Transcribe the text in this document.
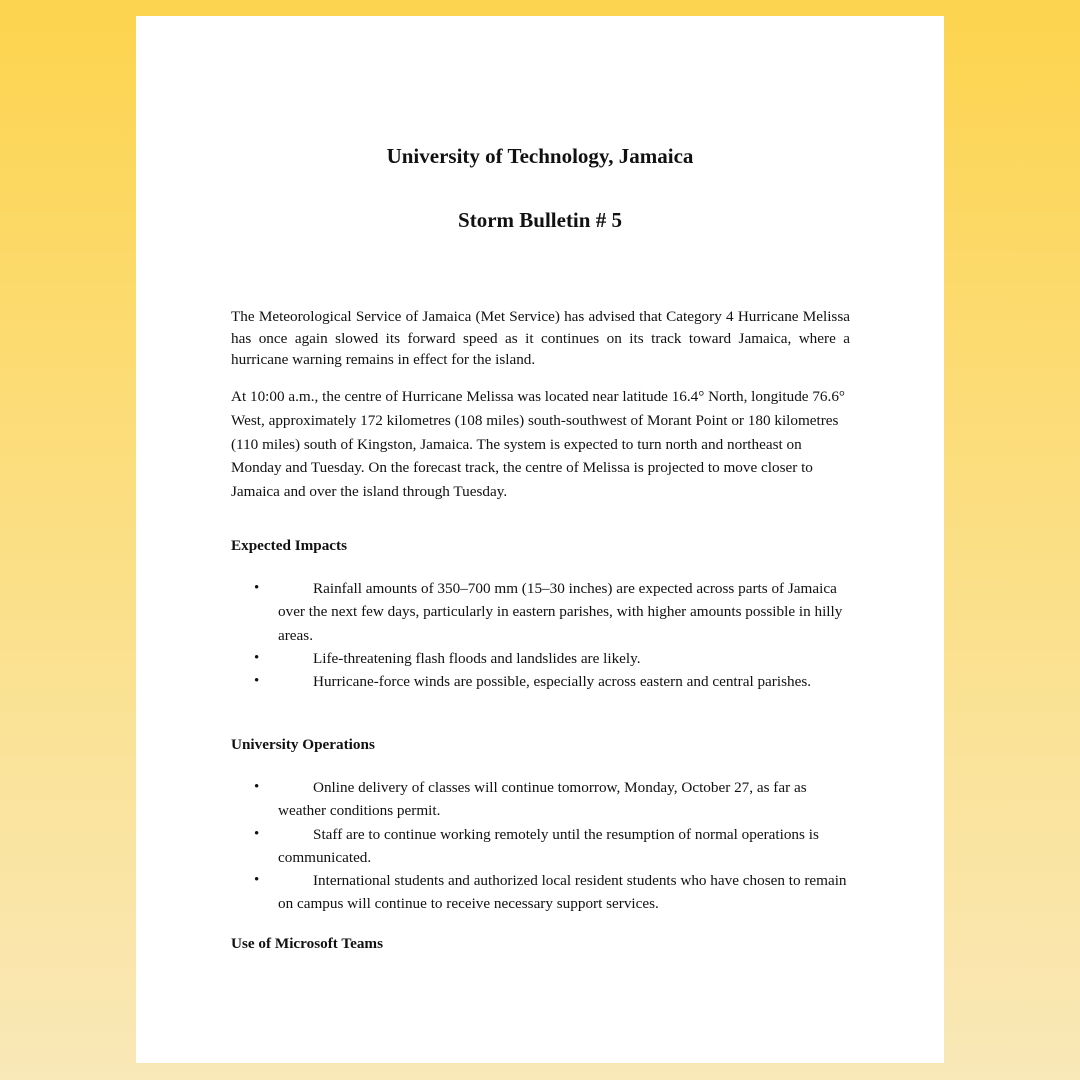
University of Technology, Jamaica
Storm Bulletin # 5

The Meteorological Service of Jamaica (Met Service) has advised that Category 4 Hurricane Melissa has once again slowed its forward speed as it continues on its track toward Jamaica, where a hurricane warning remains in effect for the island.

At 10:00 a.m., the centre of Hurricane Melissa was located near latitude 16.4° North, longitude 76.6° West, approximately 172 kilometres (108 miles) south-southwest of Morant Point or 180 kilometres (110 miles) south of Kingston, Jamaica. The system is expected to turn north and northeast on Monday and Tuesday. On the forecast track, the centre of Melissa is projected to move closer to Jamaica and over the island through Tuesday.

Expected Impacts
•	Rainfall amounts of 350–700 mm (15–30 inches) are expected across parts of Jamaica over the next few days, particularly in eastern parishes, with higher amounts possible in hilly areas.
•	Life-threatening flash floods and landslides are likely.
•	Hurricane-force winds are possible, especially across eastern and central parishes.
University Operations
•	Online delivery of classes will continue tomorrow, Monday, October 27, as far as weather conditions permit.
•	Staff are to continue working remotely until the resumption of normal operations is communicated.
•	International students and authorized local resident students who have chosen to remain on campus will continue to receive necessary support services.
Use of Microsoft Teams
